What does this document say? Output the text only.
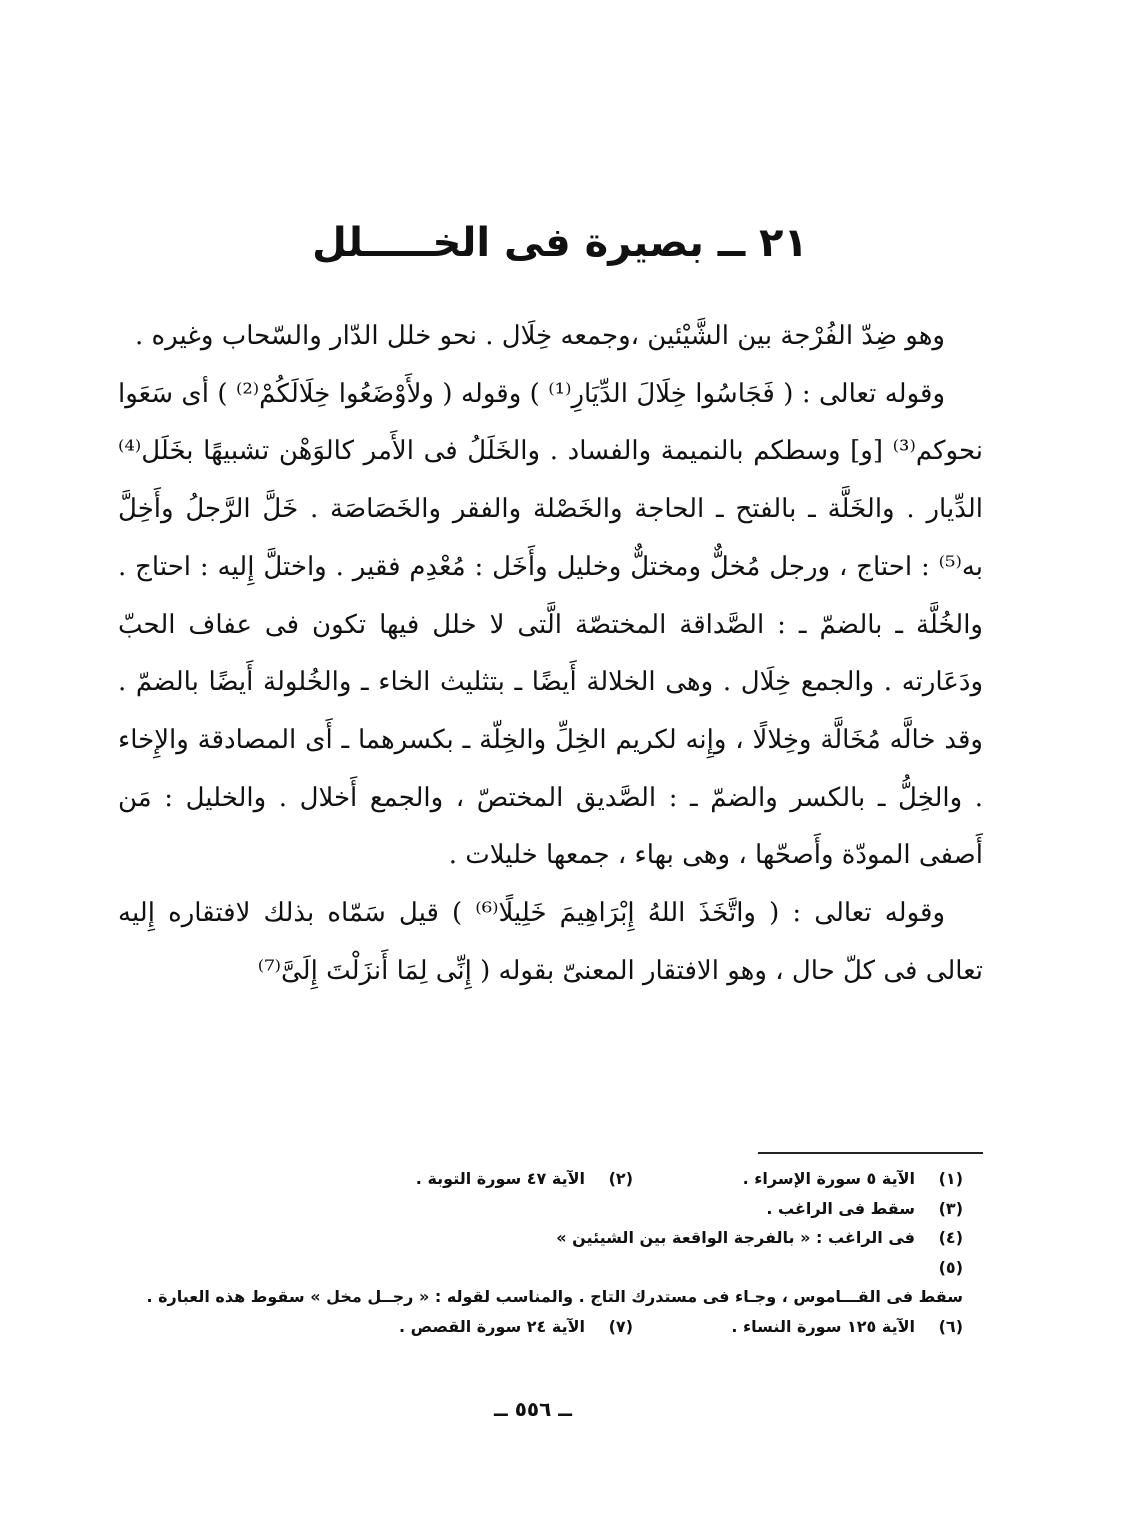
٢١ ــ بصيرة فى الخـــــلل

وهو ضِدّ الفُرْجة بين الشَّيْئين ،وجمعه خِلَال . نحو خلل الدّار والسّحاب وغيره .

وقوله تعالى : ( فَجَاسُوا خِلَالَ الدِّيَارِ⁽¹⁾ ) وقوله ( ولأَوْضَعُوا خِلَالَكُمْ⁽²⁾ ) أى سَعَوا نحوكم⁽³⁾ [و] وسطكم بالنميمة والفساد . والخَلَلُ فى الأَمر كالوَهْن تشبيهًا بخَلَل⁽⁴⁾ الدِّيار . والخَلَّة ـ بالفتح ـ الحاجة والخَصْلة والفقر والخَصَاصَة . خَلَّ الرَّجلُ وأَخِلَّ به⁽⁵⁾ : احتاج ، ورجل مُخلٌّ ومختلٌّ وخليل وأَخَل : مُعْدِم فقير . واختلَّ إِليه : احتاج . والخُلَّة ـ بالضمّ ـ : الصَّداقة المختصّة الَّتى لا خلل فيها تكون فى عفاف الحبّ ودَعَارته . والجمع خِلَال . وهى الخلالة أَيضًا ـ بتثليث الخاء ـ والخُلولة أَيضًا بالضمّ . وقد خالَّه مُخَالَّة وخِلالًا ، وإِنه لكريم الخِلِّ والخِلّة ـ بكسرهما ـ أَى المصادقة والإِخاء . والخِلُّ ـ بالكسر والضمّ ـ : الصَّديق المختصّ ، والجمع أَخلال . والخليل : مَن أَصفى المودّة وأَصحّها ، وهى بهاء ، جمعها خليلات .

وقوله تعالى : ( واتَّخَذَ اللهُ إِبْرَاهِيمَ خَلِيلًا⁽⁶⁾ ) قيل سَمّاه بذلك لافتقاره إِليه تعالى فى كلّ حال ، وهو الافتقار المعنىّ بقوله ( إِنِّى لِمَا أَنزَلْتَ إِلَىَّ⁽⁷⁾

(١)
الآية ٥ سورة الإسراء .
(٢)
الآية ٤٧ سورة التوبة .
(٣)
سقط فى الراغب .
(٤)
فى الراغب : « بالفرجة الواقعة بين الشيئين »
(٥)
سقط فى القـــاموس ، وجـاء فى مستدرك التاج . والمناسب لقوله : « رجــل مخل » سقوط هذه العبارة .
(٦)
الآية ١٢٥ سورة النساء .
(٧)
الآية ٢٤ سورة القصص .
ــ ٥٥٦ ــ
